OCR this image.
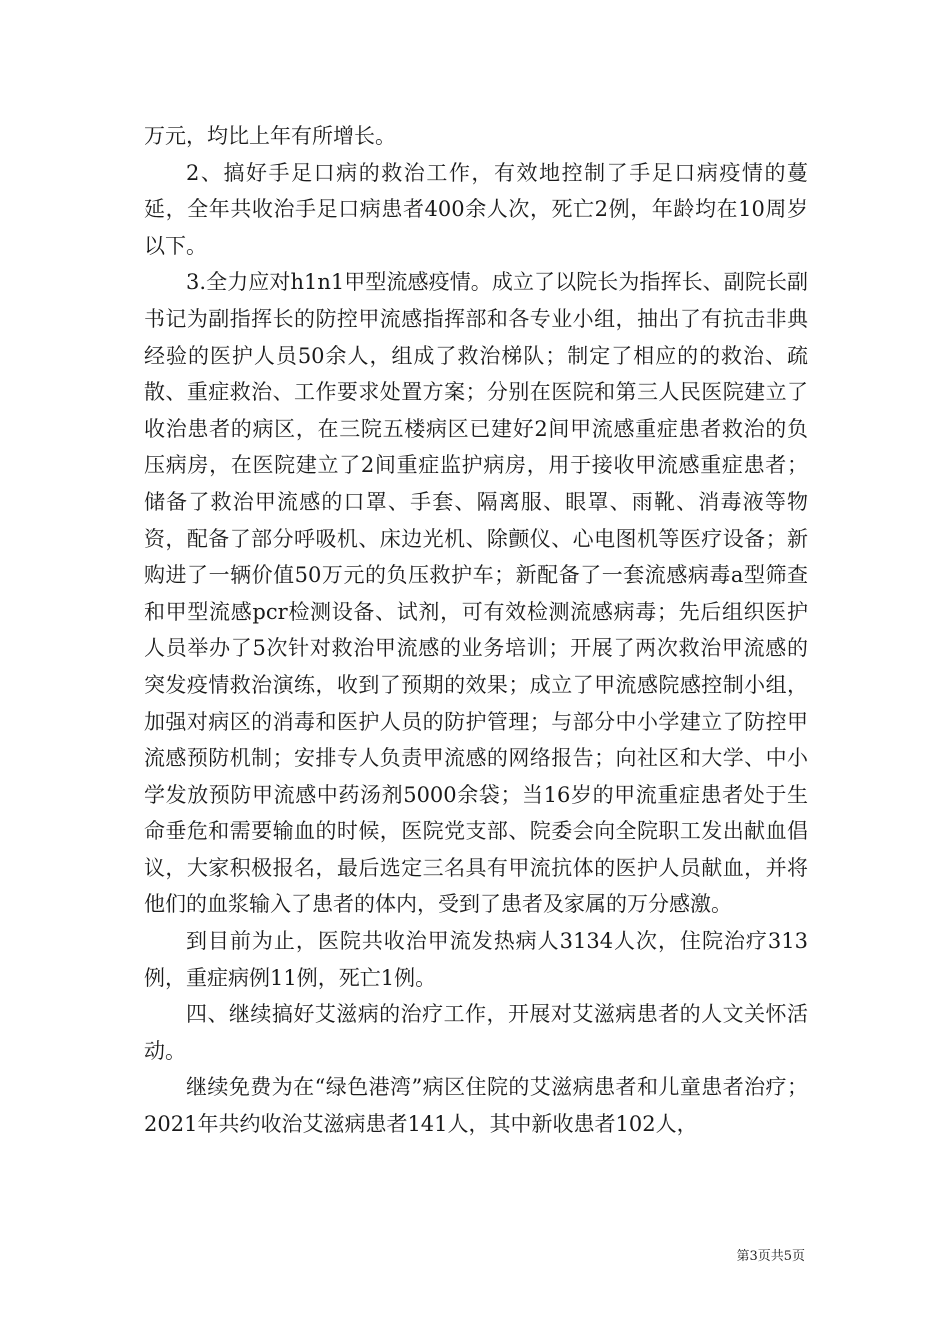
万元，均比上年有所增长。

2、搞好手足口病的救治工作，有效地控制了手足口病疫情的蔓延，全年共收治手足口病患者400余人次，死亡2例，年龄均在10周岁以下。

3.全力应对h1n1甲型流感疫情。成立了以院长为指挥长、副院长副书记为副指挥长的防控甲流感指挥部和各专业小组，抽出了有抗击非典经验的医护人员50余人，组成了救治梯队；制定了相应的的救治、疏散、重症救治、工作要求处置方案；分别在医院和第三人民医院建立了收治患者的病区，在三院五楼病区已建好2间甲流感重症患者救治的负压病房，在医院建立了2间重症监护病房，用于接收甲流感重症患者；储备了救治甲流感的口罩、手套、隔离服、眼罩、雨靴、消毒液等物资，配备了部分呼吸机、床边光机、除颤仪、心电图机等医疗设备；新购进了一辆价值50万元的负压救护车；新配备了一套流感病毒a型筛查和甲型流感pcr检测设备、试剂，可有效检测流感病毒；先后组织医护人员举办了5次针对救治甲流感的业务培训；开展了两次救治甲流感的突发疫情救治演练，收到了预期的效果；成立了甲流感院感控制小组，加强对病区的消毒和医护人员的防护管理；与部分中小学建立了防控甲流感预防机制；安排专人负责甲流感的网络报告；向社区和大学、中小学发放预防甲流感中药汤剂5000余袋；当16岁的甲流重症患者处于生命垂危和需要输血的时候，医院党支部、院委会向全院职工发出献血倡议，大家积极报名，最后选定三名具有甲流抗体的医护人员献血，并将他们的血浆输入了患者的体内，受到了患者及家属的万分感激。

到目前为止，医院共收治甲流发热病人3134人次，住院治疗313例，重症病例11例，死亡1例。

四、继续搞好艾滋病的治疗工作，开展对艾滋病患者的人文关怀活动。

继续免费为在“绿色港湾”病区住院的艾滋病患者和儿童患者治疗；2021年共约收治艾滋病患者141人，其中新收患者102人，

第3页共5页
